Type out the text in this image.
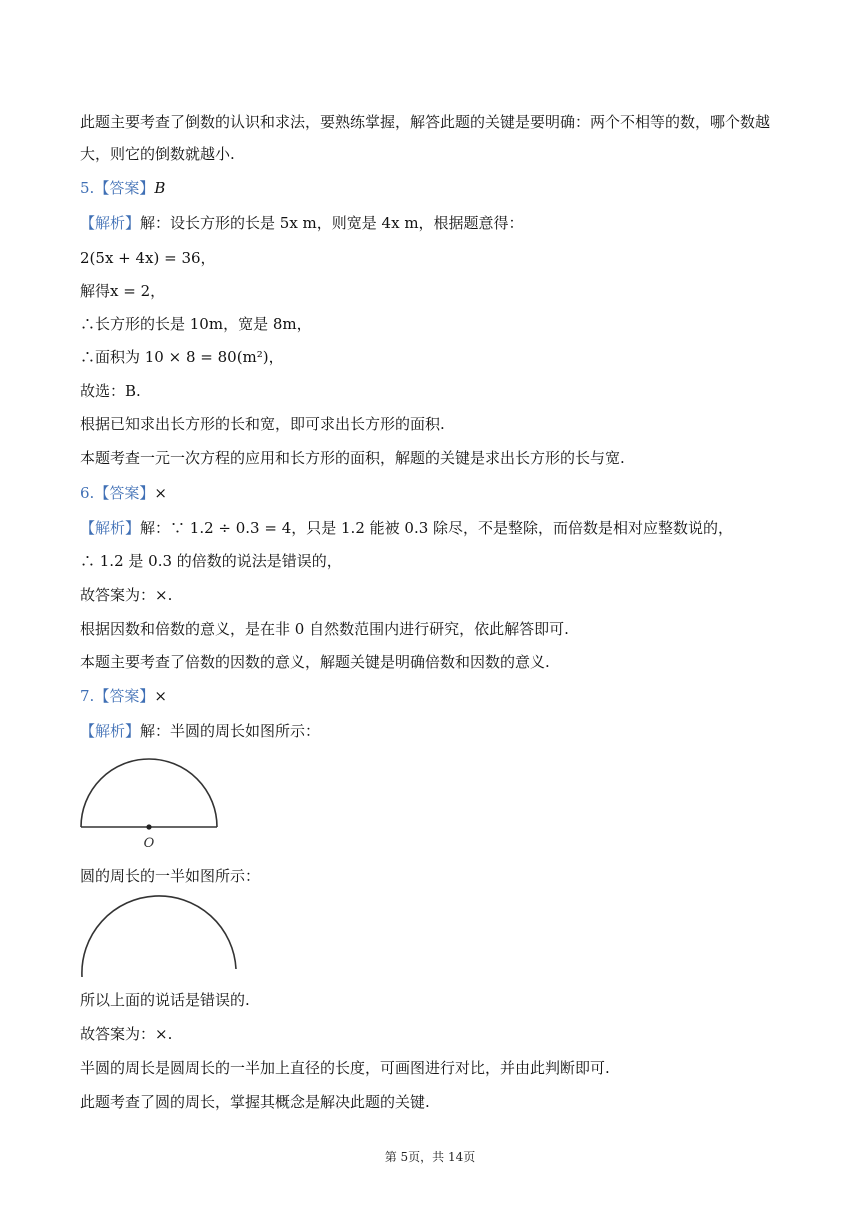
此题主要考查了倒数的认识和求法，要熟练掌握，解答此题的关键是要明确：两个不相等的数，哪个数越
大，则它的倒数就越小.
5.【答案】B
【解析】解：设长方形的长是 5x m，则宽是 4x m，根据题意得：
2(5x + 4x) = 36，
解得x = 2，
∴长方形的长是 10m，宽是 8m，
∴面积为 10 × 8 = 80(m²)，
故选：B.
根据已知求出长方形的长和宽，即可求出长方形的面积.
本题考查一元一次方程的应用和长方形的面积，解题的关键是求出长方形的长与宽.
6.【答案】×
【解析】解：∵ 1.2 ÷ 0.3 = 4，只是 1.2 能被 0.3 除尽，不是整除，而倍数是相对应整数说的，
∴ 1.2 是 0.3 的倍数的说法是错误的，
故答案为：×.
根据因数和倍数的意义，是在非 0 自然数范围内进行研究，依此解答即可.
本题主要考查了倍数的因数的意义，解题关键是明确倍数和因数的意义.
7.【答案】×
【解析】解：半圆的周长如图所示：
O
圆的周长的一半如图所示：
所以上面的说话是错误的.
故答案为：×.
半圆的周长是圆周长的一半加上直径的长度，可画图进行对比，并由此判断即可.
此题考查了圆的周长，掌握其概念是解决此题的关键.
第 5页，共 14页
